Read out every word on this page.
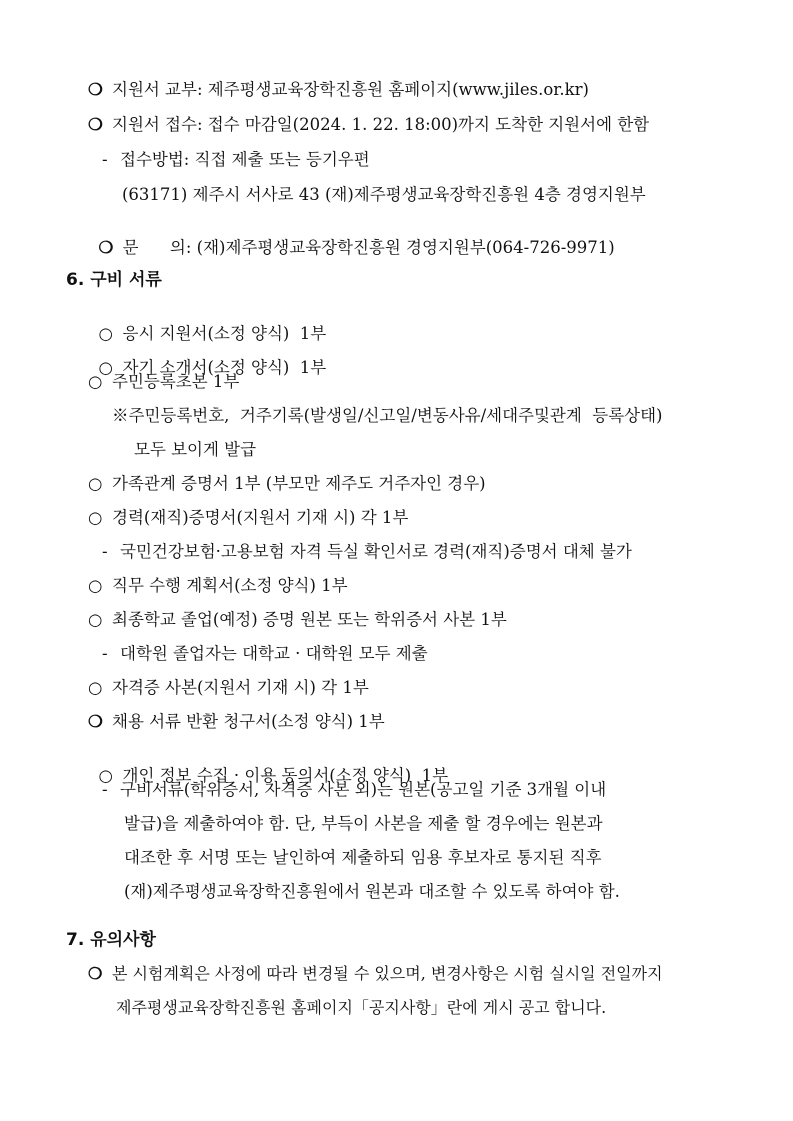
❍ 지원서 교부: 제주평생교육장학진흥원 홈페이지(www.jiles.or.kr)
❍ 지원서 접수: 접수 마감일(2024. 1. 22. 18:00)까지 도착한 지원서에 한함
- 접수방법: 직접 제출 또는 등기우편
(63171) 제주시 서사로 43 (재)제주평생교육장학진흥원 4층 경영지원부

❍ 문      의: (재)제주평생교육장학진흥원 경영지원부(064-726-9971)

6. 구비 서류

○ 응시 지원서(소정 양식)  1부

○ 자기 소개서(소정 양식)  1부

○ 주민등록초본 1부
※주민등록번호,  거주기록(발생일/신고일/변동사유/세대주및관계  등록상태)
모두 보이게 발급
○ 가족관계 증명서 1부 (부모만 제주도 거주자인 경우)
○ 경력(재직)증명서(지원서 기재 시) 각 1부
- 국민건강보험·고용보험 자격 득실 확인서로 경력(재직)증명서 대체 불가
○ 직무 수행 계획서(소정 양식) 1부
○ 최종학교 졸업(예정) 증명 원본 또는 학위증서 사본 1부
- 대학원 졸업자는 대학교 · 대학원 모두 제출
○ 자격증 사본(지원서 기재 시) 각 1부
❍ 채용 서류 반환 청구서(소정 양식) 1부

○ 개인 정보 수집 · 이용 동의서(소정 양식)  1부

- 구비서류(학위증서, 자격증 사본 외)는 원본(공고일 기준 3개월 이내
발급)을 제출하여야 함. 단, 부득이 사본을 제출 할 경우에는 원본과
대조한 후 서명 또는 날인하여 제출하되 임용 후보자로 통지된 직후
(재)제주평생교육장학진흥원에서 원본과 대조할 수 있도록 하여야 함.
7. 유의사항
❍ 본 시험계획은 사정에 따라 변경될 수 있으며, 변경사항은 시험 실시일 전일까지
제주평생교육장학진흥원 홈페이지「공지사항」란에 게시 공고 합니다.
